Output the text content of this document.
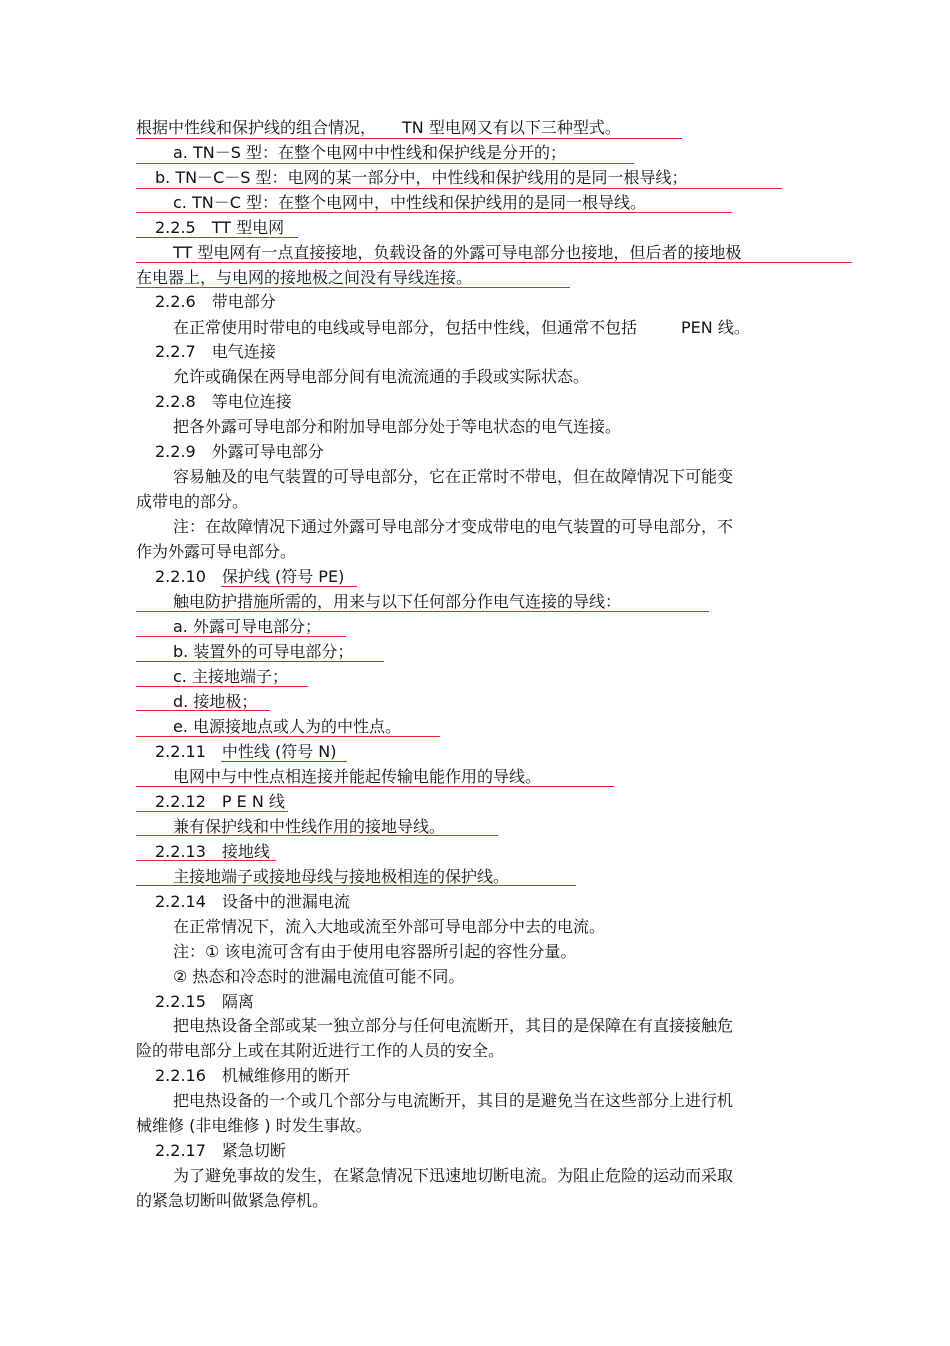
根据中性线和保护线的组合情况， TN 型电网又有以下三种型式。
a. TN－S 型：在整个电网中中性线和保护线是分开的；
b. TN－C－S 型：电网的某一部分中，中性线和保护线用的是同一根导线；
c. TN－C 型：在整个电网中，中性线和保护线用的是同一根导线。
2.2.5　TT 型电网
TT 型电网有一点直接接地，负载设备的外露可导电部分也接地，但后者的接地极
在电器上，与电网的接地极之间没有导线连接。
2.2.6　带电部分
在正常使用时带电的电线或导电部分，包括中性线，但通常不包括	PEN 线。
2.2.7　电气连接
允许或确保在两导电部分间有电流流通的手段或实际状态。
2.2.8　等电位连接
把各外露可导电部分和附加导电部分处于等电状态的电气连接。
2.2.9　外露可导电部分
容易触及的电气装置的可导电部分，它在正常时不带电，但在故障情况下可能变
成带电的部分。
注：在故障情况下通过外露可导电部分才变成带电的电气装置的可导电部分，不
作为外露可导电部分。
2.2.10　保护线 (符号 PE)
触电防护措施所需的，用来与以下任何部分作电气连接的导线：
a. 外露可导电部分；
b. 装置外的可导电部分；
c. 主接地端子；
d. 接地极；
e. 电源接地点或人为的中性点。
2.2.11　中性线 (符号 N)
电网中与中性点相连接并能起传输电能作用的导线。
2.2.12　P E N 线
兼有保护线和中性线作用的接地导线。
2.2.13　接地线
主接地端子或接地母线与接地极相连的保护线。
2.2.14　设备中的泄漏电流
在正常情况下，流入大地或流至外部可导电部分中去的电流。
注：① 该电流可含有由于使用电容器所引起的容性分量。
② 热态和冷态时的泄漏电流值可能不同。
2.2.15　隔离
把电热设备全部或某一独立部分与任何电流断开，其目的是保障在有直接接触危
险的带电部分上或在其附近进行工作的人员的安全。
2.2.16　机械维修用的断开
把电热设备的一个或几个部分与电流断开，其目的是避免当在这些部分上进行机
械维修 (非电维修 ) 时发生事故。
2.2.17　紧急切断
为了避免事故的发生，在紧急情况下迅速地切断电流。为阻止危险的运动而采取
的紧急切断叫做紧急停机。
